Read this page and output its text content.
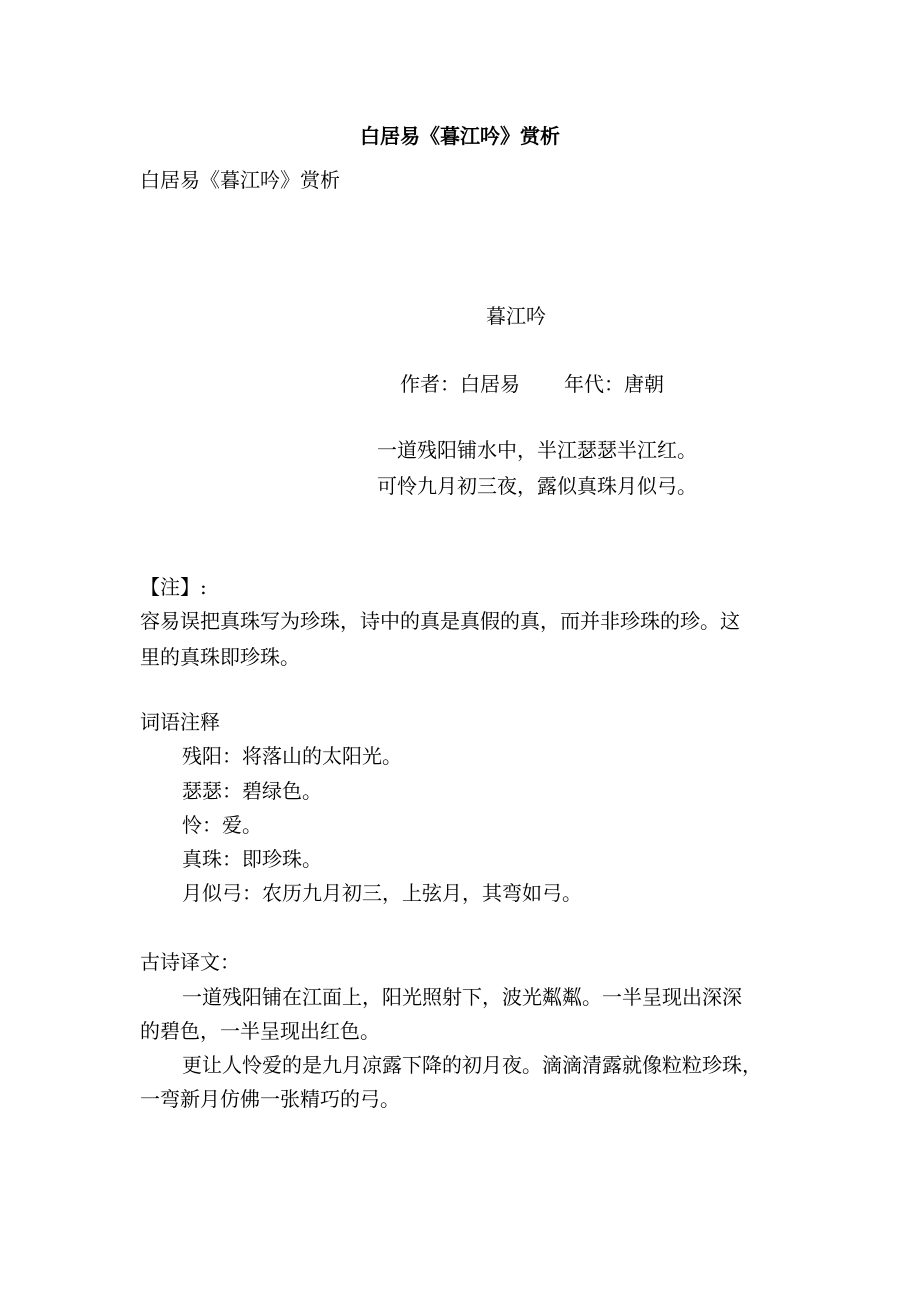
白居易《暮江吟》赏析
白居易《暮江吟》赏析
暮江吟
作者：白居易 年代：唐朝
一道残阳铺水中，半江瑟瑟半江红。
可怜九月初三夜，露似真珠月似弓。
【注】:
容易误把真珠写为珍珠，诗中的真是真假的真，而并非珍珠的珍。这
里的真珠即珍珠。
词语注释
残阳：将落山的太阳光。
瑟瑟：碧绿色。
怜：爱。
真珠：即珍珠。
月似弓：农历九月初三，上弦月，其弯如弓。
古诗译文：
一道残阳铺在江面上，阳光照射下，波光粼粼。一半呈现出深深
的碧色，一半呈现出红色。
更让人怜爱的是九月凉露下降的初月夜。滴滴清露就像粒粒珍珠，
一弯新月仿佛一张精巧的弓。
